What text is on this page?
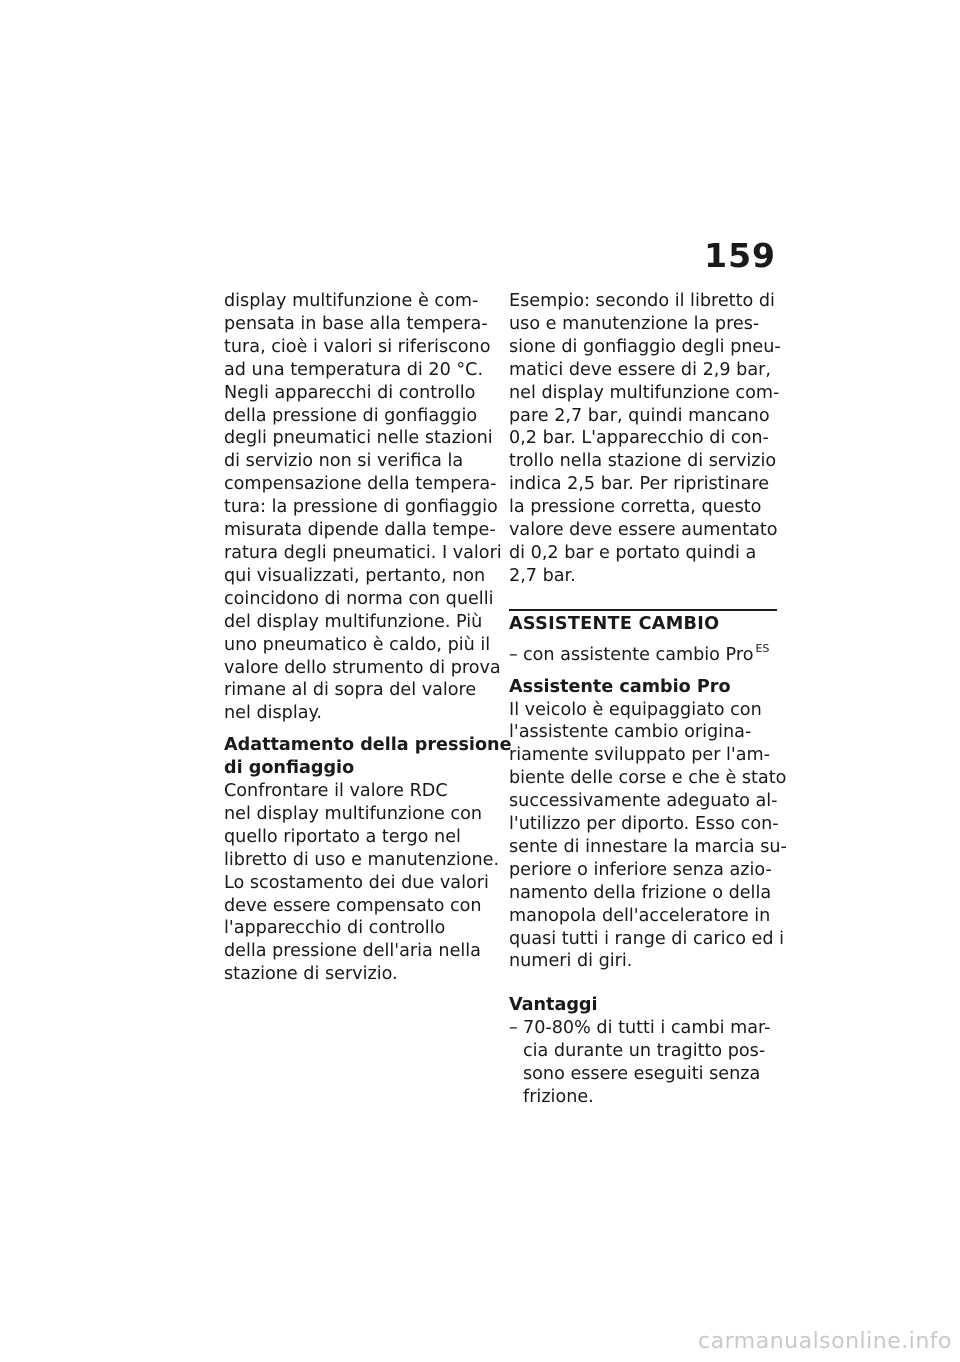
159
display multifunzione è com-
pensata in base alla tempera-
tura, cioè i valori si riferiscono
ad una temperatura di 20 °C.
Negli apparecchi di controllo
della pressione di gonfiaggio
degli pneumatici nelle stazioni
di servizio non si verifica la
compensazione della tempera-
tura: la pressione di gonfiaggio
misurata dipende dalla tempe-
ratura degli pneumatici. I valori
qui visualizzati, pertanto, non
coincidono di norma con quelli
del display multifunzione. Più
uno pneumatico è caldo, più il
valore dello strumento di prova
rimane al di sopra del valore
nel display.
Adattamento della pressione
di gonfiaggio
Confrontare il valore RDC
nel display multifunzione con
quello riportato a tergo nel
libretto di uso e manutenzione.
Lo scostamento dei due valori
deve essere compensato con
l'apparecchio di controllo
della pressione dell'aria nella
stazione di servizio.
Esempio: secondo il libretto di
uso e manutenzione la pres-
sione di gonfiaggio degli pneu-
matici deve essere di 2,9 bar,
nel display multifunzione com-
pare 2,7 bar, quindi mancano
0,2 bar. L'apparecchio di con-
trollo nella stazione di servizio
indica 2,5 bar. Per ripristinare
la pressione corretta, questo
valore deve essere aumentato
di 0,2 bar e portato quindi a
2,7 bar.
ASSISTENTE CAMBIO
– con assistente cambio Pro $^{ES}$
Assistente cambio Pro
Il veicolo è equipaggiato con
l'assistente cambio origina-
riamente sviluppato per l'am-
biente delle corse e che è stato
successivamente adeguato al-
l'utilizzo per diporto. Esso con-
sente di innestare la marcia su-
periore o inferiore senza azio-
namento della frizione o della
manopola dell'acceleratore in
quasi tutti i range di carico ed i
numeri di giri.
Vantaggi
– 70-80% di tutti i cambi mar-
cia durante un tragitto pos-
sono essere eseguiti senza
frizione.
carmanualsonline.info
